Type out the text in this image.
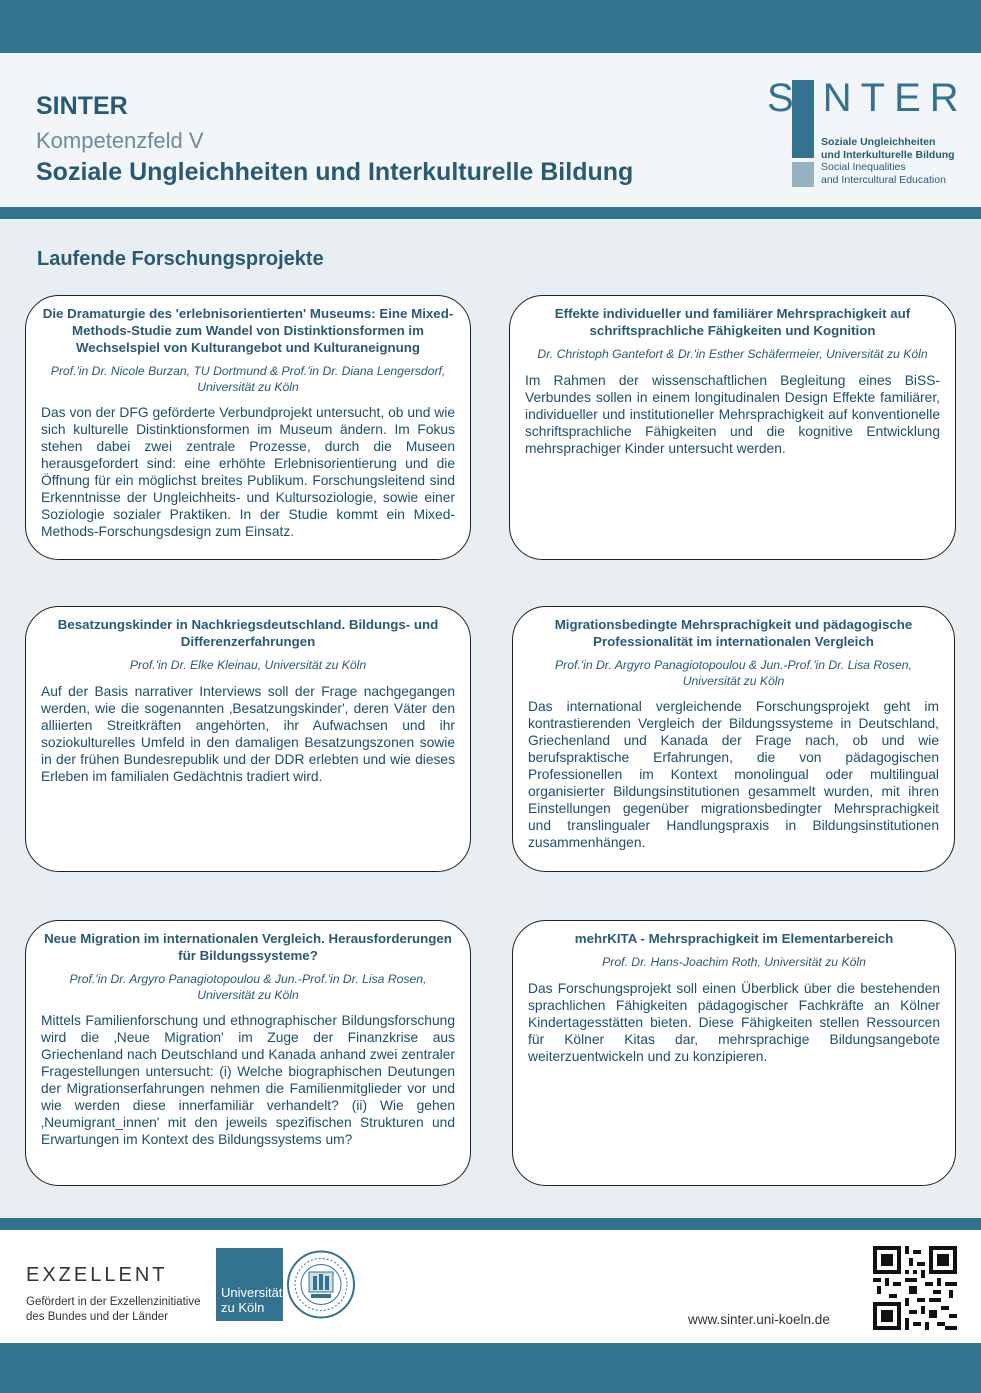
SINTER
Kompetenzfeld V
Soziale Ungleichheiten und Interkulturelle Bildung
SINTER
Soziale Ungleichheiten
und Interkulturelle Bildung
Social Inequalities
and Intercultural Education
Laufende Forschungsprojekte
Die Dramaturgie des 'erlebnisorientierten' Museums: Eine Mixed-Methods-Studie zum Wandel von Distinktionsformen im Wechselspiel von Kulturangebot und Kulturaneignung
Prof.'in Dr. Nicole Burzan, TU Dortmund & Prof.'in Dr. Diana Lengersdorf, Universität zu Köln
Das von der DFG geförderte Verbundprojekt untersucht, ob und wie sich kulturelle Distinktionsformen im Museum ändern. Im Fokus stehen dabei zwei zentrale Prozesse, durch die Museen herausgefordert sind: eine erhöhte Erlebnisorientierung und die Öffnung für ein möglichst breites Publikum. Forschungsleitend sind Erkenntnisse der Ungleichheits- und Kultursoziologie, sowie einer Soziologie sozialer Praktiken. In der Studie kommt ein Mixed-Methods-Forschungsdesign zum Einsatz.
Effekte individueller und familiärer Mehrsprachigkeit auf schriftsprachliche Fähigkeiten und Kognition
Dr. Christoph Gantefort & Dr.'in Esther Schäfermeier, Universität zu Köln
Im Rahmen der wissenschaftlichen Begleitung eines BiSS-Verbundes sollen in einem longitudinalen Design Effekte familiärer, individueller und institutioneller Mehrsprachigkeit auf konventionelle schriftsprachliche Fähigkeiten und die kognitive Entwicklung mehrsprachiger Kinder untersucht werden.
Besatzungskinder in Nachkriegsdeutschland. Bildungs- und Differenzerfahrungen
Prof.'in Dr. Elke Kleinau, Universität zu Köln
Auf der Basis narrativer Interviews soll der Frage nachgegangen werden, wie die sogenannten ‚Besatzungskinder', deren Väter den alliierten Streitkräften angehörten, ihr Aufwachsen und ihr soziokulturelles Umfeld in den damaligen Besatzungszonen sowie in der frühen Bundesrepublik und der DDR erlebten und wie dieses Erleben im familialen Gedächtnis tradiert wird.
Migrationsbedingte Mehrsprachigkeit und pädagogische Professionalität im internationalen Vergleich
Prof.'in Dr. Argyro Panagiotopoulou & Jun.-Prof.'in Dr. Lisa Rosen, Universität zu Köln
Das international vergleichende Forschungsprojekt geht im kontrastierenden Vergleich der Bildungssysteme in Deutschland, Griechenland und Kanada der Frage nach, ob und wie berufspraktische Erfahrungen, die von pädagogischen Professionellen im Kontext monolingual oder multilingual organisierter Bildungsinstitutionen gesammelt wurden, mit ihren Einstellungen gegenüber migrationsbedingter Mehrsprachigkeit und translingualer Handlungspraxis in Bildungsinstitutionen zusammenhängen.
Neue Migration im internationalen Vergleich. Herausforderungen für Bildungssysteme?
Prof.'in Dr. Argyro Panagiotopoulou & Jun.-Prof.'in Dr. Lisa Rosen, Universität zu Köln
Mittels Familienforschung und ethnographischer Bildungsforschung wird die ‚Neue Migration' im Zuge der Finanzkrise aus Griechenland nach Deutschland und Kanada anhand zwei zentraler Fragestellungen untersucht: (i) Welche biographischen Deutungen der Migrationserfahrungen nehmen die Familienmitglieder vor und wie werden diese innerfamiliär verhandelt? (ii) Wie gehen ‚Neumigrant_innen' mit den jeweils spezifischen Strukturen und Erwartungen im Kontext des Bildungssystems um?
mehrKITA - Mehrsprachigkeit im Elementarbereich
Prof. Dr. Hans-Joachim Roth, Universität zu Köln
Das Forschungsprojekt soll einen Überblick über die bestehenden sprachlichen Fähigkeiten pädagogischer Fachkräfte an Kölner Kindertagesstätten bieten. Diese Fähigkeiten stellen Ressourcen für Kölner Kitas dar, mehrsprachige Bildungsangebote weiterzuentwickeln und zu konzipieren.
EXZELLENT
Gefördert in der Exzellenzinitiative
des Bundes und der Länder
Universität
zu Köln
www.sinter.uni-koeln.de
